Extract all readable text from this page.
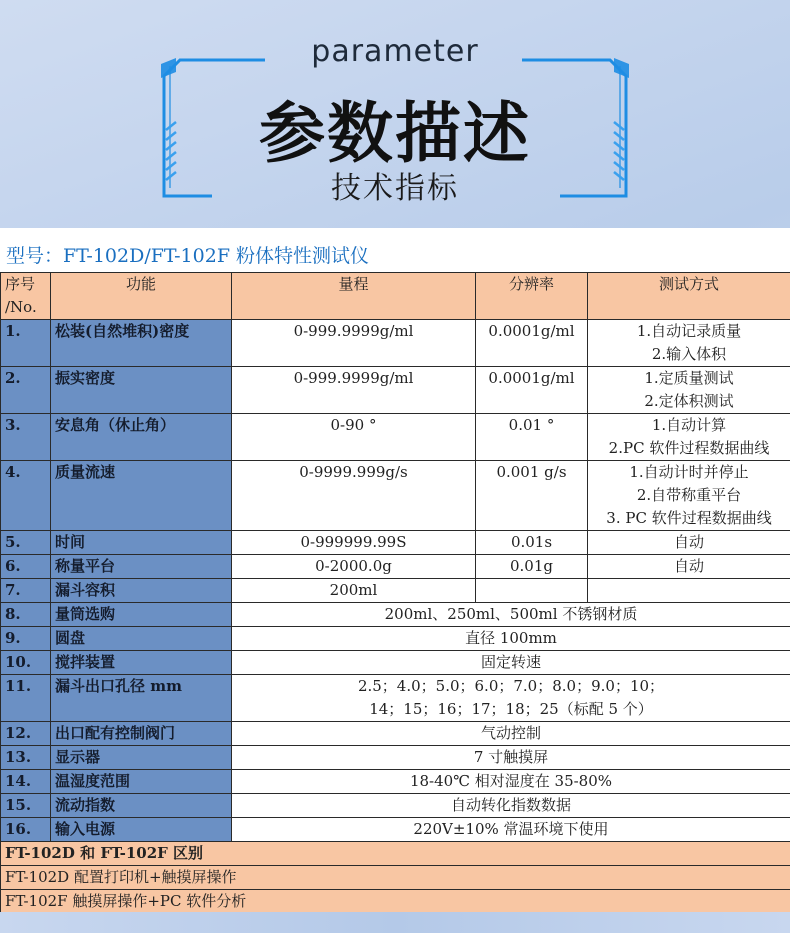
parameter
参数描述
技术指标
型号：FT-102D/FT-102F 粉体特性测试仪
序号
/No.	功能	量程	分辨率	测试方式	
1.	松装(自然堆积)密度	0-999.9999g/ml	0.0001g/ml	1.自动记录质量
2.输入体积	

2.	振实密度	0-999.9999g/ml	0.0001g/ml	1.定质量测试
2.定体积测试	

3.	安息角（休止角）	0-90 °	0.01 °	1.自动计算
2.PC 软件过程数据曲线	

4.	质量流速	0-9999.999g/s	0.001 g/s	1.自动计时并停止
2.自带称重平台
3. PC 软件过程数据曲线	

5.	时间	0-999999.99S	0.01s	自动	

6.	称量平台	0-2000.0g	0.01g	自动	

7.	漏斗容积	200ml			

8.	量筒选购	200ml、250ml、500ml 不锈钢材质	

9.	圆盘	直径 100mm			

10.	搅拌装置	固定转速	

11.	漏斗出口孔径 mm	2.5；4.0；5.0；6.0；7.0；8.0；9.0；10；
14；15；16；17；18；25（标配 5 个）

12.	出口配有控制阀门	气动控制	

13.	显示器	7 寸触摸屏			

14.	温湿度范围	18-40℃ 相对湿度在 35-80%			

15.	流动指数	自动转化指数数据	

16.	输入电源	220V±10% 常温环境下使用			

FT-102D 和 FT-102F 区别					
FT-102D 配置打印机+触摸屏操作					
FT-102F 触摸屏操作+PC 软件分析					
